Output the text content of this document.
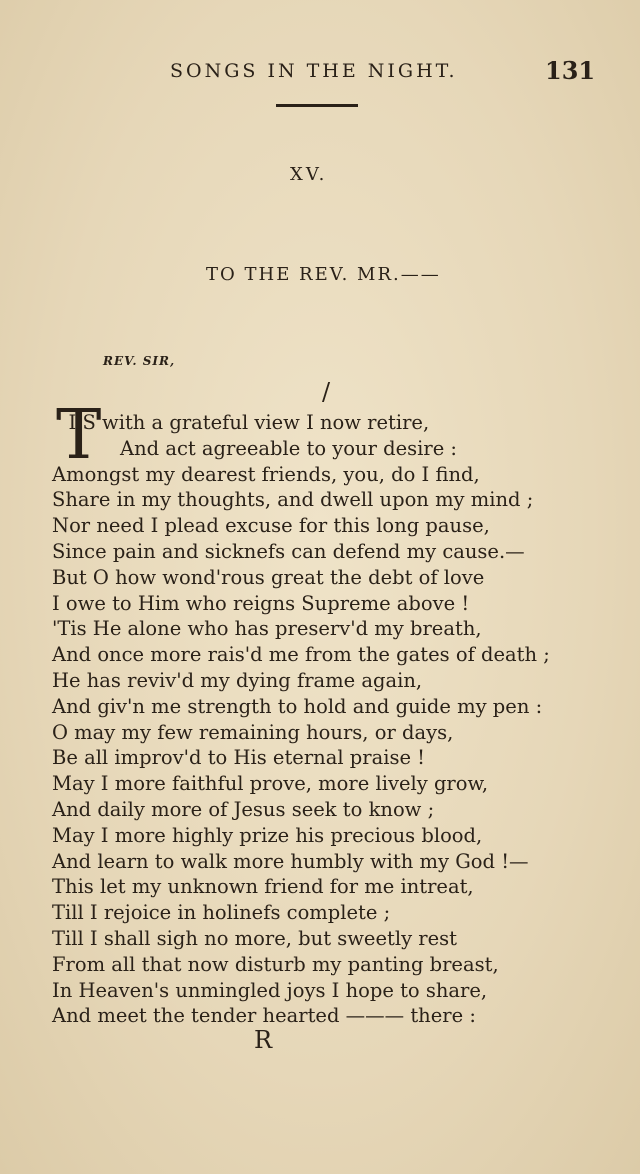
SONGS IN THE NIGHT.	131
XV.
TO THE REV. MR.——
REV. SIR,
/
T
' I S with a grateful view I now retire,
And act agreeable to your desire :
Amongst my dearest friends, you, do I find,
Share in my thoughts, and dwell upon my mind ;
Nor need I plead excuse for this long pause,
Since pain and sicknefs can defend my cause.—
But O how wond'rous great the debt of love
I owe to Him who reigns Supreme above !
'Tis He alone who has preserv'd my breath,
And once more rais'd me from the gates of death ;
He has reviv'd my dying frame again,
And giv'n me strength to hold and guide my pen :
O may my few remaining hours, or days,
Be all improv'd to His eternal praise !
May I more faithful prove, more lively grow,
And daily more of Jesus seek to know ;
May I more highly prize his precious blood,
And learn to walk more humbly with my God !—
This let my unknown friend for me intreat,
Till I rejoice in holinefs complete ;
Till I shall sigh no more, but sweetly rest
From all that now disturb my panting breast,
In Heaven's unmingled joys I hope to share,
And meet the tender hearted ——— there :
R
